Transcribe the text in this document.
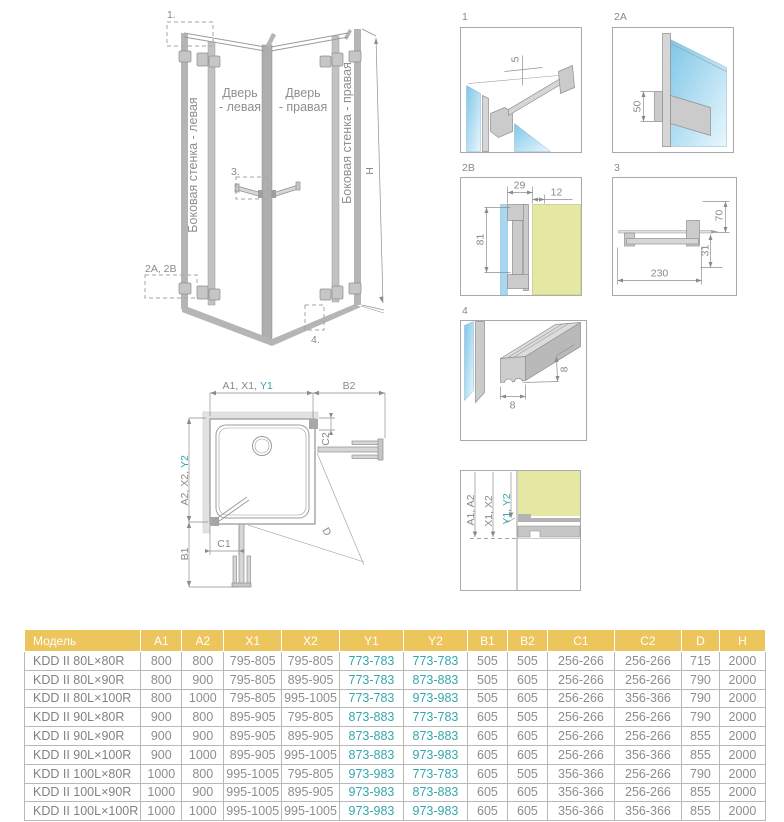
1.
2A, 2B
3.
4.
Боковая стенка - левая	Боковая стенка - правая
Дверь
- левая
Дверь
- правая
H
D
A1, X1, Y1	B2
A2, X2,
Y2
B1
C2
C1
1
5
2A
50
2B
29
12
81
3
70
31
230
4
8
8
A1, A2 X1, X2 Y1, Y2
Модель	A1	A2	X1	X2	Y1	Y2	B1	B2	C1	C2	D	H
KDD II 80L×80R	800	800	795-805	795-805	773-783	773-783	505	505	256-266	256-266	715	2000
KDD II 80L×90R	800	900	795-805	895-905	773-783	873-883	505	605	256-266	256-266	790	2000
KDD II 80L×100R	800	1000	795-805	995-1005	773-783	973-983	505	605	256-266	356-366	790	2000
KDD II 90L×80R	900	800	895-905	795-805	873-883	773-783	605	505	256-266	256-266	790	2000
KDD II 90L×90R	900	900	895-905	895-905	873-883	873-883	605	605	256-266	256-266	855	2000
KDD II 90L×100R	900	1000	895-905	995-1005	873-883	973-983	605	605	256-266	356-366	855	2000
KDD II 100L×80R	1000	800	995-1005	795-805	973-983	773-783	605	505	356-366	256-266	790	2000
KDD II 100L×90R	1000	900	995-1005	895-905	973-983	873-883	605	605	356-366	256-266	855	2000
KDD II 100L×100R	1000	1000	995-1005	995-1005	973-983	973-983	605	605	356-366	356-366	855	2000
